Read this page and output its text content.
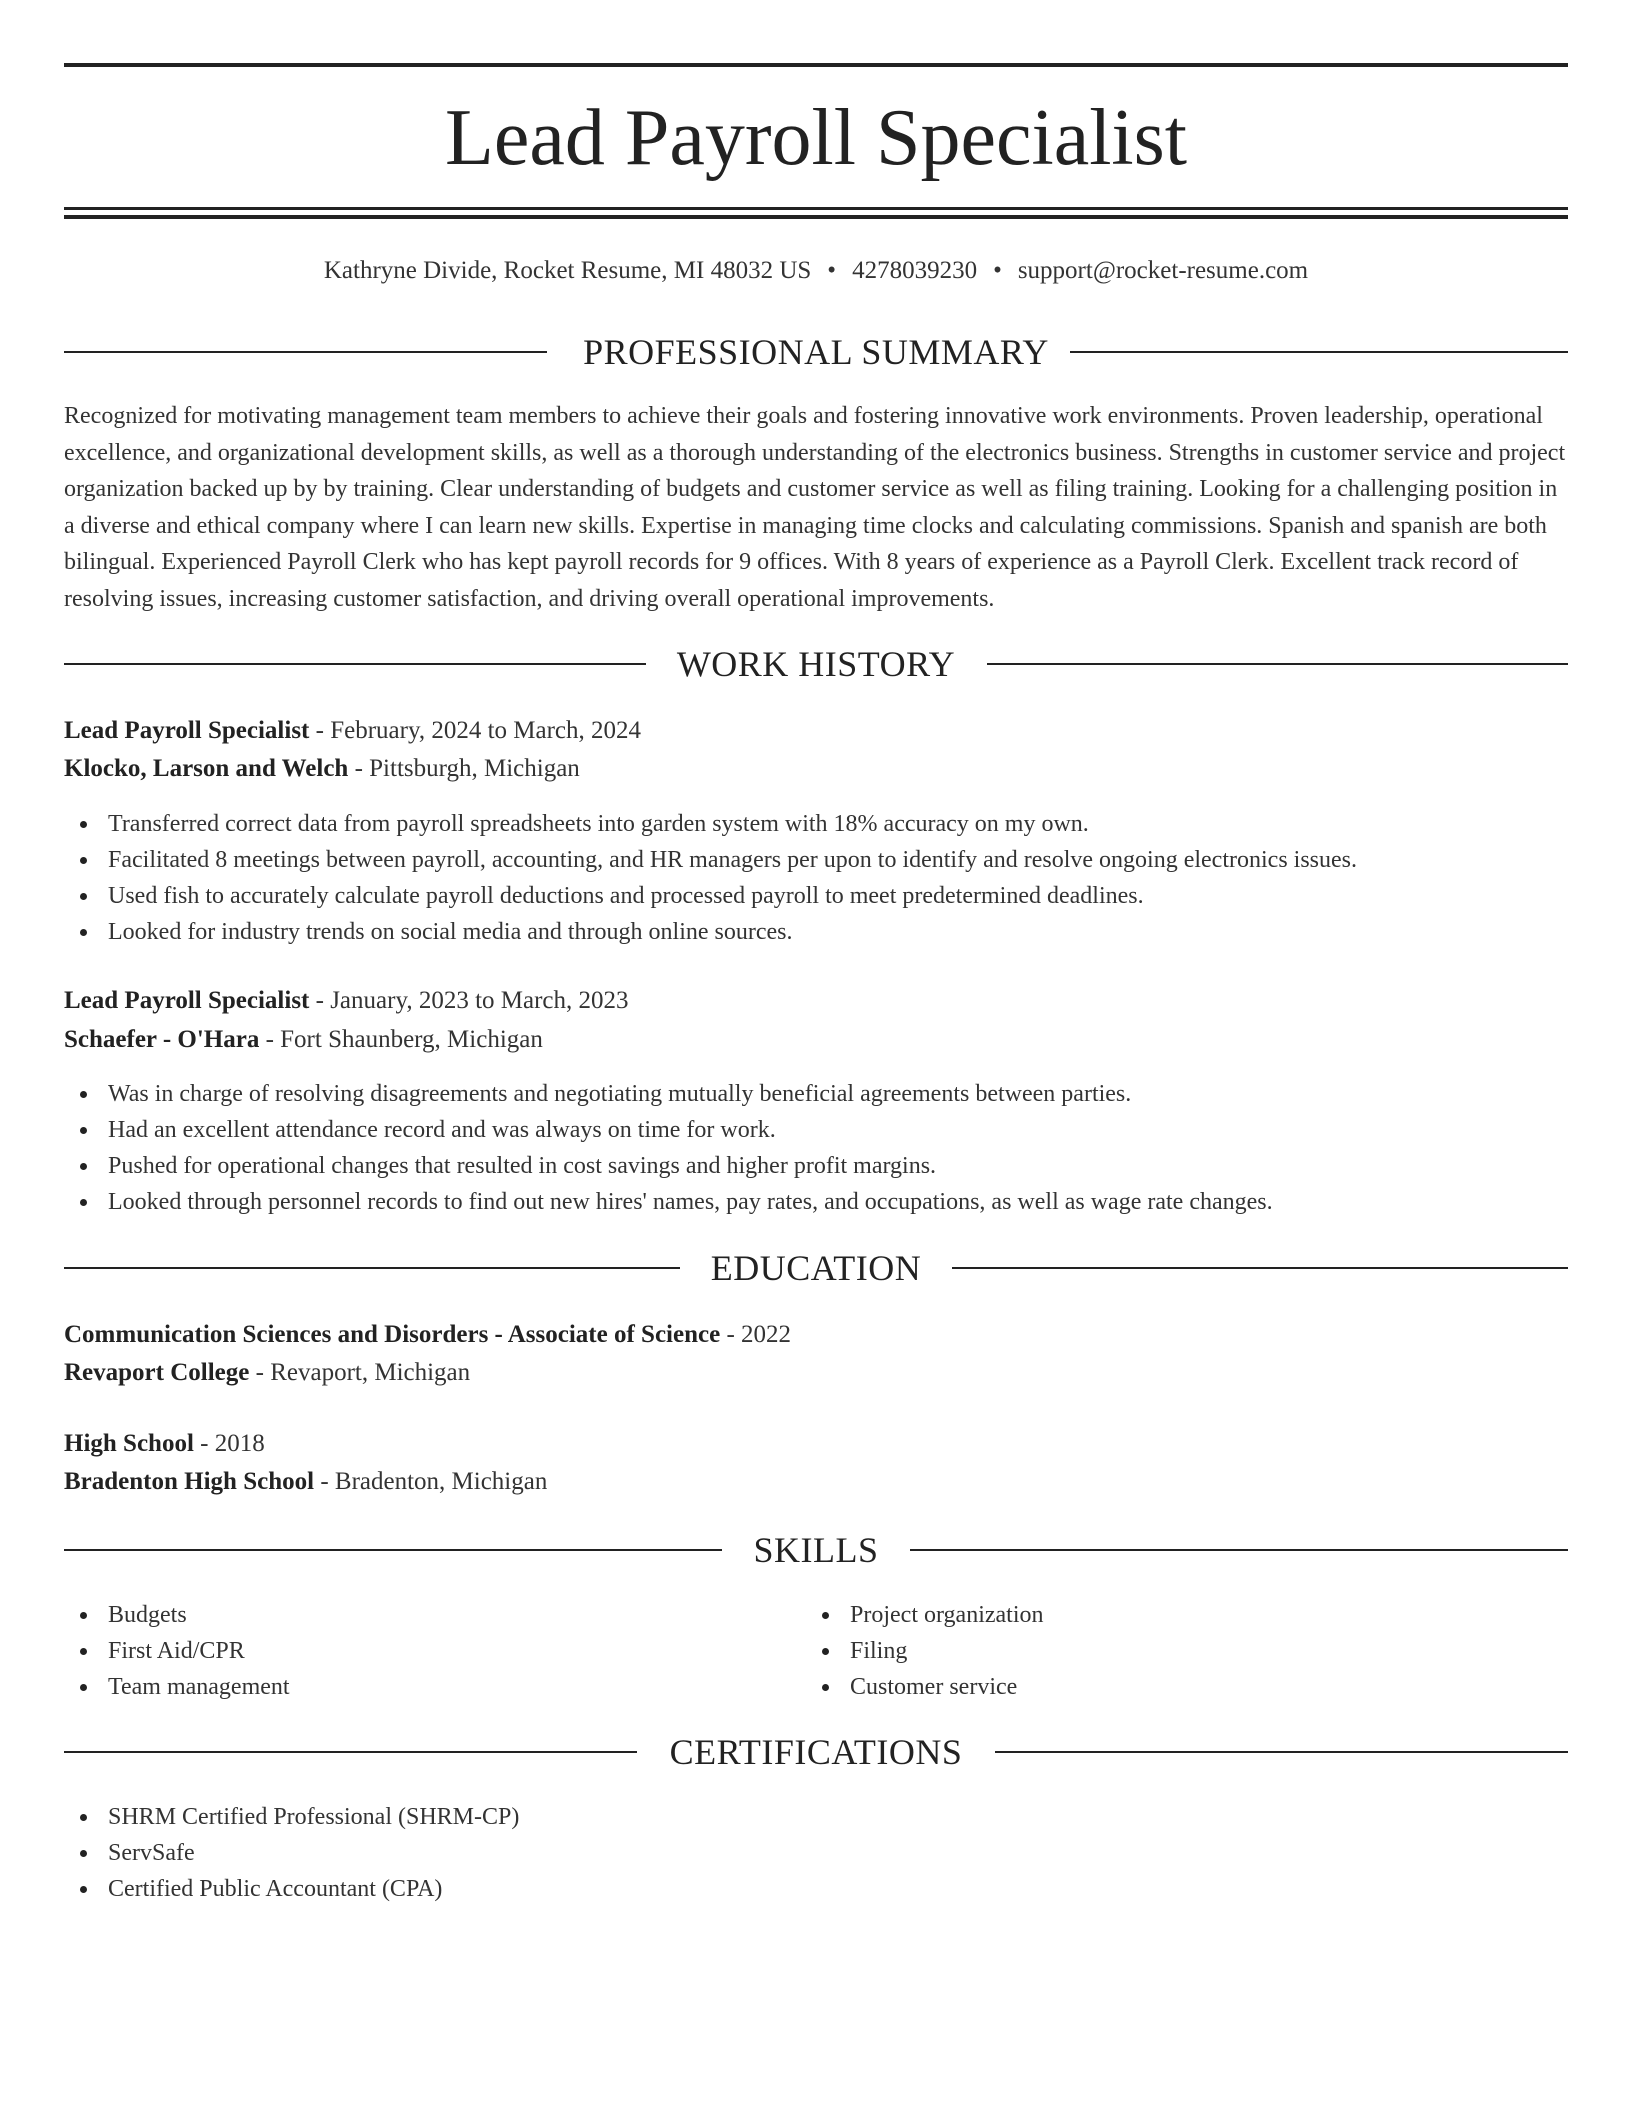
Lead Payroll Specialist
Kathryne Divide, Rocket Resume, MI 48032 US • 4278039230 • support@rocket-resume.com
PROFESSIONAL SUMMARY

Recognized for motivating management team members to achieve their goals and fostering innovative work environments. Proven leadership, operational excellence, and organizational development skills, as well as a thorough understanding of the electronics business. Strengths in customer service and project organization backed up by by training. Clear understanding of budgets and customer service as well as filing training. Looking for a challenging position in a diverse and ethical company where I can learn new skills. Expertise in managing time clocks and calculating commissions. Spanish and spanish are both bilingual. Experienced Payroll Clerk who has kept payroll records for 9 offices. With 8 years of experience as a Payroll Clerk. Excellent track record of resolving issues, increasing customer satisfaction, and driving overall operational improvements.

WORK HISTORY
Lead Payroll Specialist - February, 2024 to March, 2024
Klocko, Larson and Welch - Pittsburgh, Michigan
Transferred correct data from payroll spreadsheets into garden system with 18% accuracy on my own.
Facilitated 8 meetings between payroll, accounting, and HR managers per upon to identify and resolve ongoing electronics issues.
Used fish to accurately calculate payroll deductions and processed payroll to meet predetermined deadlines.
Looked for industry trends on social media and through online sources.
Lead Payroll Specialist - January, 2023 to March, 2023
Schaefer - O'Hara - Fort Shaunberg, Michigan
Was in charge of resolving disagreements and negotiating mutually beneficial agreements between parties.
Had an excellent attendance record and was always on time for work.
Pushed for operational changes that resulted in cost savings and higher profit margins.
Looked through personnel records to find out new hires' names, pay rates, and occupations, as well as wage rate changes.
EDUCATION
Communication Sciences and Disorders - Associate of Science - 2022
Revaport College - Revaport, Michigan
High School - 2018
Bradenton High School - Bradenton, Michigan
SKILLS
Budgets
First Aid/CPR
Team management
Project organization
Filing
Customer service
CERTIFICATIONS
SHRM Certified Professional (SHRM-CP)
ServSafe
Certified Public Accountant (CPA)
